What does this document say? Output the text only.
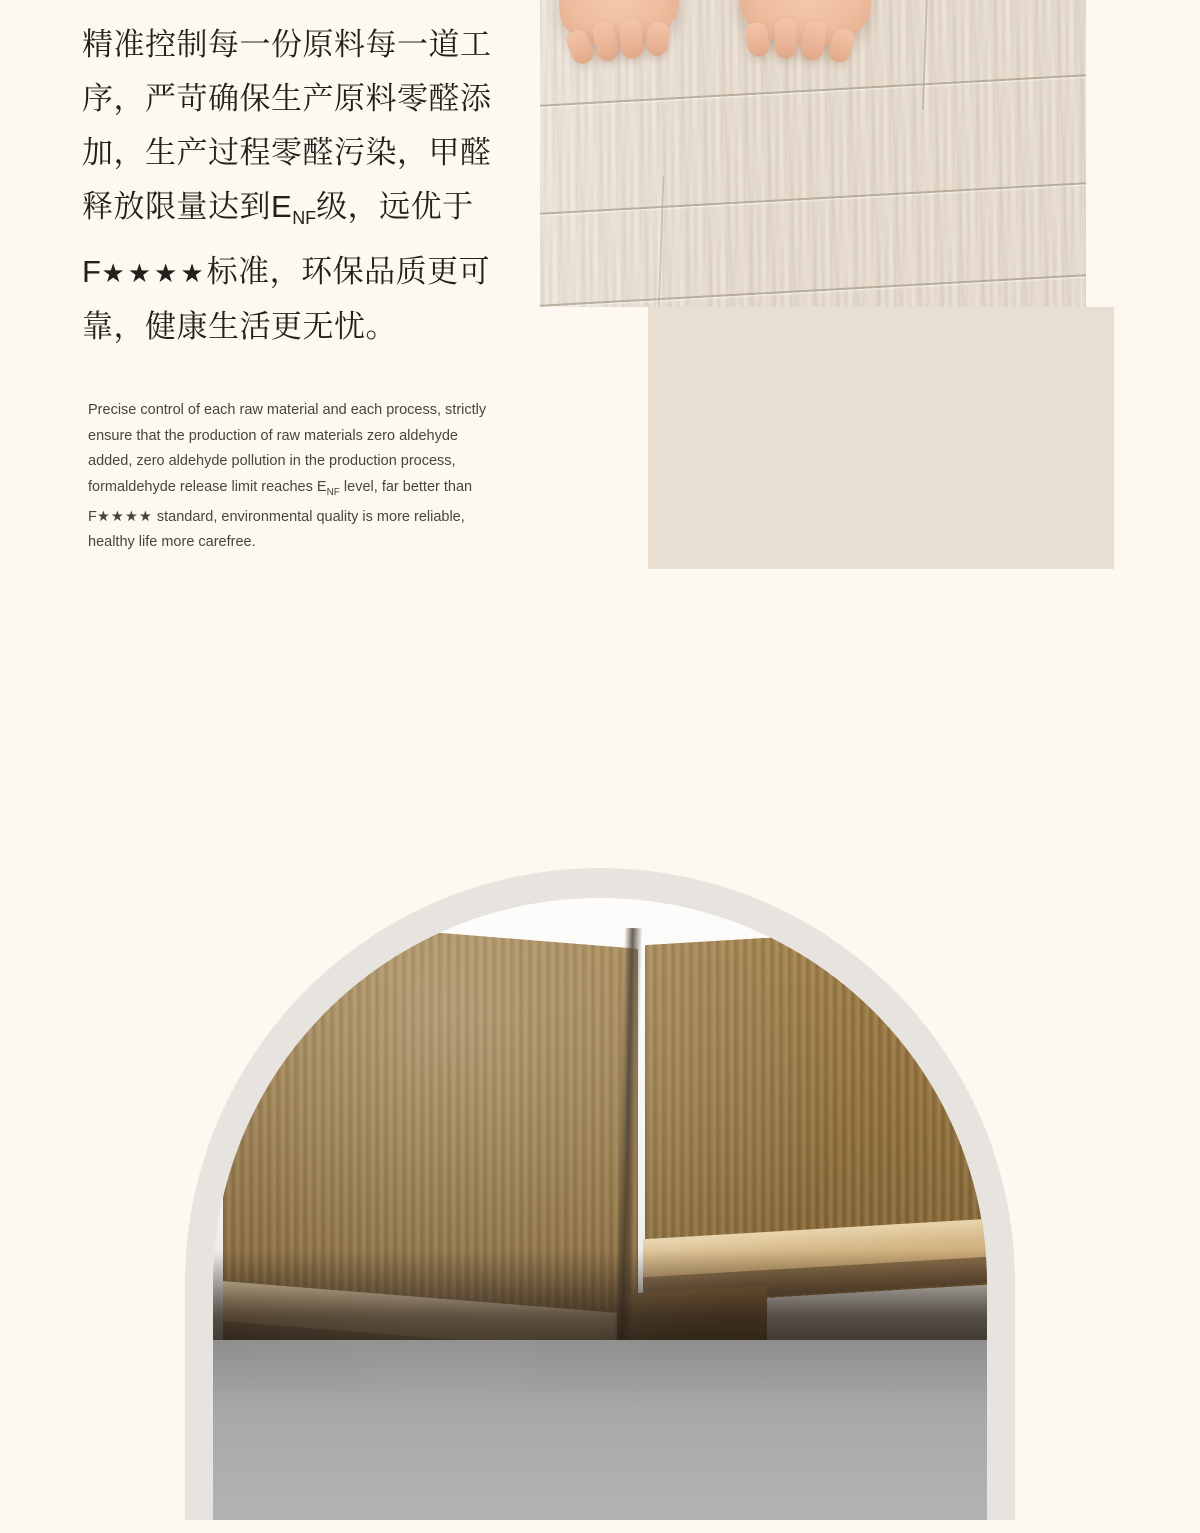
精准控制每一份原料每一道工序，严苛确保生产原料零醛添加，生产过程零醛污染，甲醛释放限量达到$E_{NF}$级，远优于F★★★★标准，环保品质更可靠，健康生活更无忧。
Precise control of each raw material and each process, strictly ensure that the production of raw materials zero aldehyde added, zero aldehyde pollution in the production process, formaldehyde release limit reaches $E_{NF}$ level, far better than F★★★★ standard, environmental quality is more reliable, healthy life more carefree.
